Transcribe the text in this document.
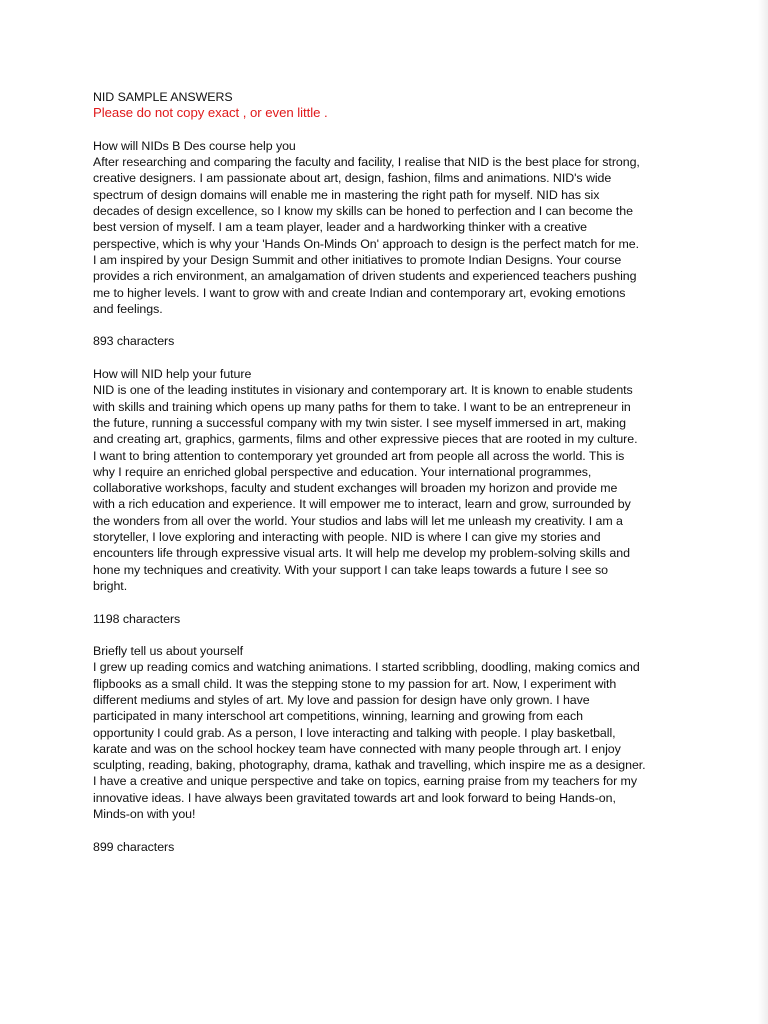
NID SAMPLE ANSWERS
Please do not copy exact , or even little .
How will NIDs B Des course help you
After researching and comparing the faculty and facility, I realise that NID is the best place for strong,
creative designers. I am passionate about art, design, fashion, films and animations. NID's wide
spectrum of design domains will enable me in mastering the right path for myself. NID has six
decades of design excellence, so I know my skills can be honed to perfection and I can become the
best version of myself. I am a team player, leader and a hardworking thinker with a creative
perspective, which is why your 'Hands On-Minds On' approach to design is the perfect match for me.
I am inspired by your Design Summit and other initiatives to promote Indian Designs. Your course
provides a rich environment, an amalgamation of driven students and experienced teachers pushing
me to higher levels. I want to grow with and create Indian and contemporary art, evoking emotions
and feelings.
893 characters
How will NID help your future
NID is one of the leading institutes in visionary and contemporary art. It is known to enable students
with skills and training which opens up many paths for them to take. I want to be an entrepreneur in
the future, running a successful company with my twin sister. I see myself immersed in art, making
and creating art, graphics, garments, films and other expressive pieces that are rooted in my culture.
I want to bring attention to contemporary yet grounded art from people all across the world. This is
why I require an enriched global perspective and education. Your international programmes,
collaborative workshops, faculty and student exchanges will broaden my horizon and provide me
with a rich education and experience. It will empower me to interact, learn and grow, surrounded by
the wonders from all over the world. Your studios and labs will let me unleash my creativity. I am a
storyteller, I love exploring and interacting with people. NID is where I can give my stories and
encounters life through expressive visual arts. It will help me develop my problem-solving skills and
hone my techniques and creativity. With your support I can take leaps towards a future I see so
bright.
1198 characters
Briefly tell us about yourself
I grew up reading comics and watching animations. I started scribbling, doodling, making comics and
flipbooks as a small child. It was the stepping stone to my passion for art. Now, I experiment with
different mediums and styles of art. My love and passion for design have only grown. I have
participated in many interschool art competitions, winning, learning and growing from each
opportunity I could grab. As a person, I love interacting and talking with people. I play basketball,
karate and was on the school hockey team have connected with many people through art. I enjoy
sculpting, reading, baking, photography, drama, kathak and travelling, which inspire me as a designer.
I have a creative and unique perspective and take on topics, earning praise from my teachers for my
innovative ideas. I have always been gravitated towards art and look forward to being Hands-on,
Minds-on with you!
899 characters
